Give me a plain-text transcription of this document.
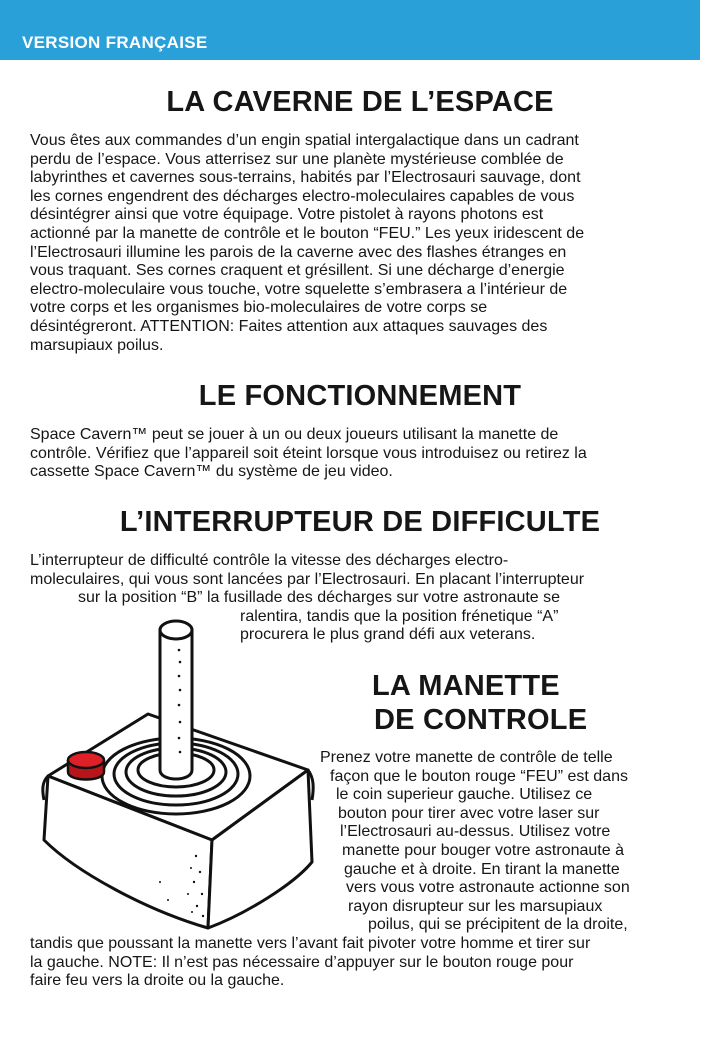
VERSION FRANÇAISE
LA CAVERNE DE L’ESPACE
Vous êtes aux commandes d’un engin spatial intergalactique dans un cadrant
perdu de l’espace. Vous atterrisez sur une planète mystérieuse comblée de
labyrinthes et cavernes sous-terrains, habités par l’Electrosauri sauvage, dont
les cornes engendrent des décharges electro-moleculaires capables de vous
désintégrer ainsi que votre équipage. Votre pistolet à rayons photons est
actionné par la manette de contrôle et le bouton “FEU.” Les yeux iridescent de
l’Electrosauri illumine les parois de la caverne avec des flashes étranges en
vous traquant. Ses cornes craquent et grésillent. Si une décharge d’energie
electro-moleculaire vous touche, votre squelette s’embrasera a l’intérieur de
votre corps et les organismes bio-moleculaires de votre corps se
désintégreront. ATTENTION: Faites attention aux attaques sauvages des
marsupiaux poilus.
LE FONCTIONNEMENT
Space Cavern™ peut se jouer à un ou deux joueurs utilisant la manette de
contrôle. Vérifiez que l’appareil soit éteint lorsque vous introduisez ou retirez la
cassette Space Cavern™ du système de jeu video.
L’INTERRUPTEUR DE DIFFICULTE
L’interrupteur de difficulté contrôle la vitesse des décharges electro-
moleculaires, qui vous sont lancées par l’Electrosauri. En placant l’interrupteur
sur la position “B” la fusillade des décharges sur votre astronaute se
ralentira, tandis que la position frénetique “A”
procurera le plus grand défi aux veterans.
LA MANETTE
DE CONTROLE
Prenez votre manette de contrôle de telle
façon que le bouton rouge “FEU” est dans
le coin superieur gauche. Utilisez ce
bouton pour tirer avec votre laser sur
l’Electrosauri au-dessus. Utilisez votre
manette pour bouger votre astronaute à
gauche et à droite. En tirant la manette
vers vous votre astronaute actionne son
rayon disrupteur sur les marsupiaux
poilus, qui se précipitent de la droite,
tandis que poussant la manette vers l’avant fait pivoter votre homme et tirer sur
la gauche. NOTE: Il n’est pas nécessaire d’appuyer sur le bouton rouge pour
faire feu vers la droite ou la gauche.
